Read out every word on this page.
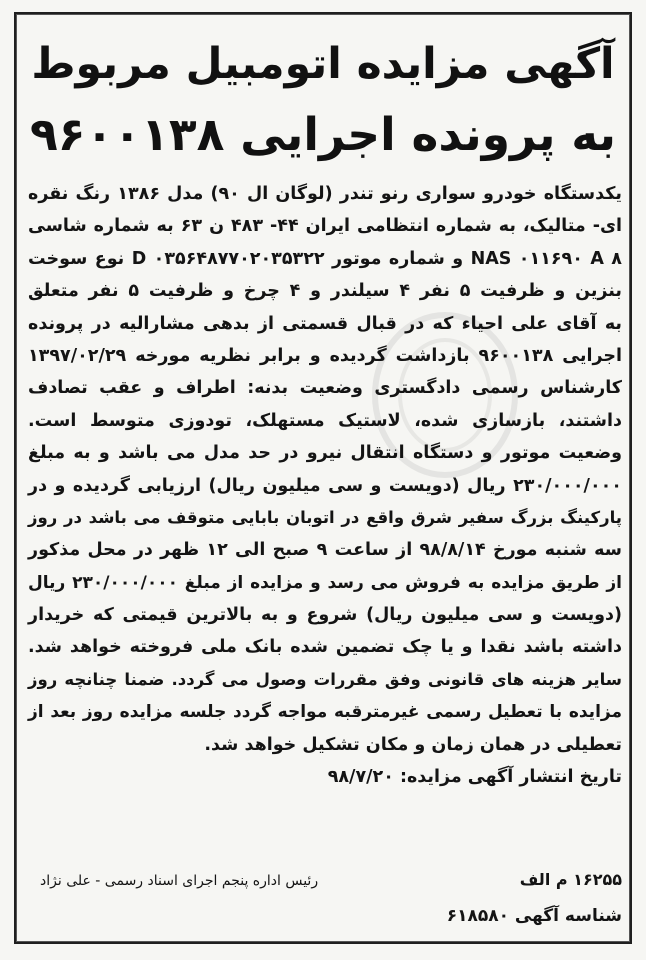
آگهی مزایده اتومبیل مربوط
به پرونده اجرایی ۹۶۰۰۱۳۸
یکدستگاه خودرو سواری رنو تندر (لوگان ال ۹۰) مدل ۱۳۸۶ رنگ نقره
ای- متالیک، به شماره انتظامی ایران ۴۴- ۴۸۳ ن ۶۳ به شماره شاسی
NAS ۰۱۱۶۹۰ A ۸ و شماره موتور D ۰۳۵۶۴۸۷۷۰۲۰۳۵۳۲۲ نوع سوخت
بنزین و ظرفیت ۵ نفر ۴ سیلندر و ۴ چرخ و ظرفیت ۵ نفر متعلق
به آقای علی احیاء که در قبال قسمتی از بدهی مشارالیه در پرونده
اجرایی ۹۶۰۰۱۳۸ بازداشت گردیده و برابر نظریه مورخه ۱۳۹۷/۰۲/۲۹
کارشناس رسمی دادگستری وضعیت بدنه: اطراف و عقب تصادف
داشتند، بازسازی شده، لاستیک مستهلک، تودوزی متوسط است.
وضعیت موتور و دستگاه انتقال نیرو در حد مدل می باشد و به مبلغ
۲۳۰/۰۰۰/۰۰۰ ریال (دویست و سی میلیون ریال) ارزیابی گردیده و در
پارکینگ بزرگ سفیر شرق واقع در اتوبان بابایی متوقف می باشد در روز
سه شنبه مورخ ۹۸/۸/۱۴ از ساعت ۹ صبح الی ۱۲ ظهر در محل مذکور
از طریق مزایده به فروش می رسد و مزایده از مبلغ ۲۳۰/۰۰۰/۰۰۰ ریال
(دویست و سی میلیون ریال) شروع و به بالاترین قیمتی که خریدار
داشته باشد نقدا و یا چک تضمین شده بانک ملی فروخته خواهد شد.
سایر هزینه های قانونی وفق مقررات وصول می گردد. ضمنا چنانچه روز
مزایده با تعطیل رسمی غیرمترقبه مواجه گردد جلسه مزایده روز بعد از
تعطیلی در همان زمان و مکان تشکیل خواهد شد.
تاریخ انتشار آگهی مزایده: ۹۸/۷/۲۰
۱۶۲۵۵ م الف
رئیس اداره پنجم اجرای اسناد رسمی - علی نژاد
شناسه آگهی ۶۱۸۵۸۰
